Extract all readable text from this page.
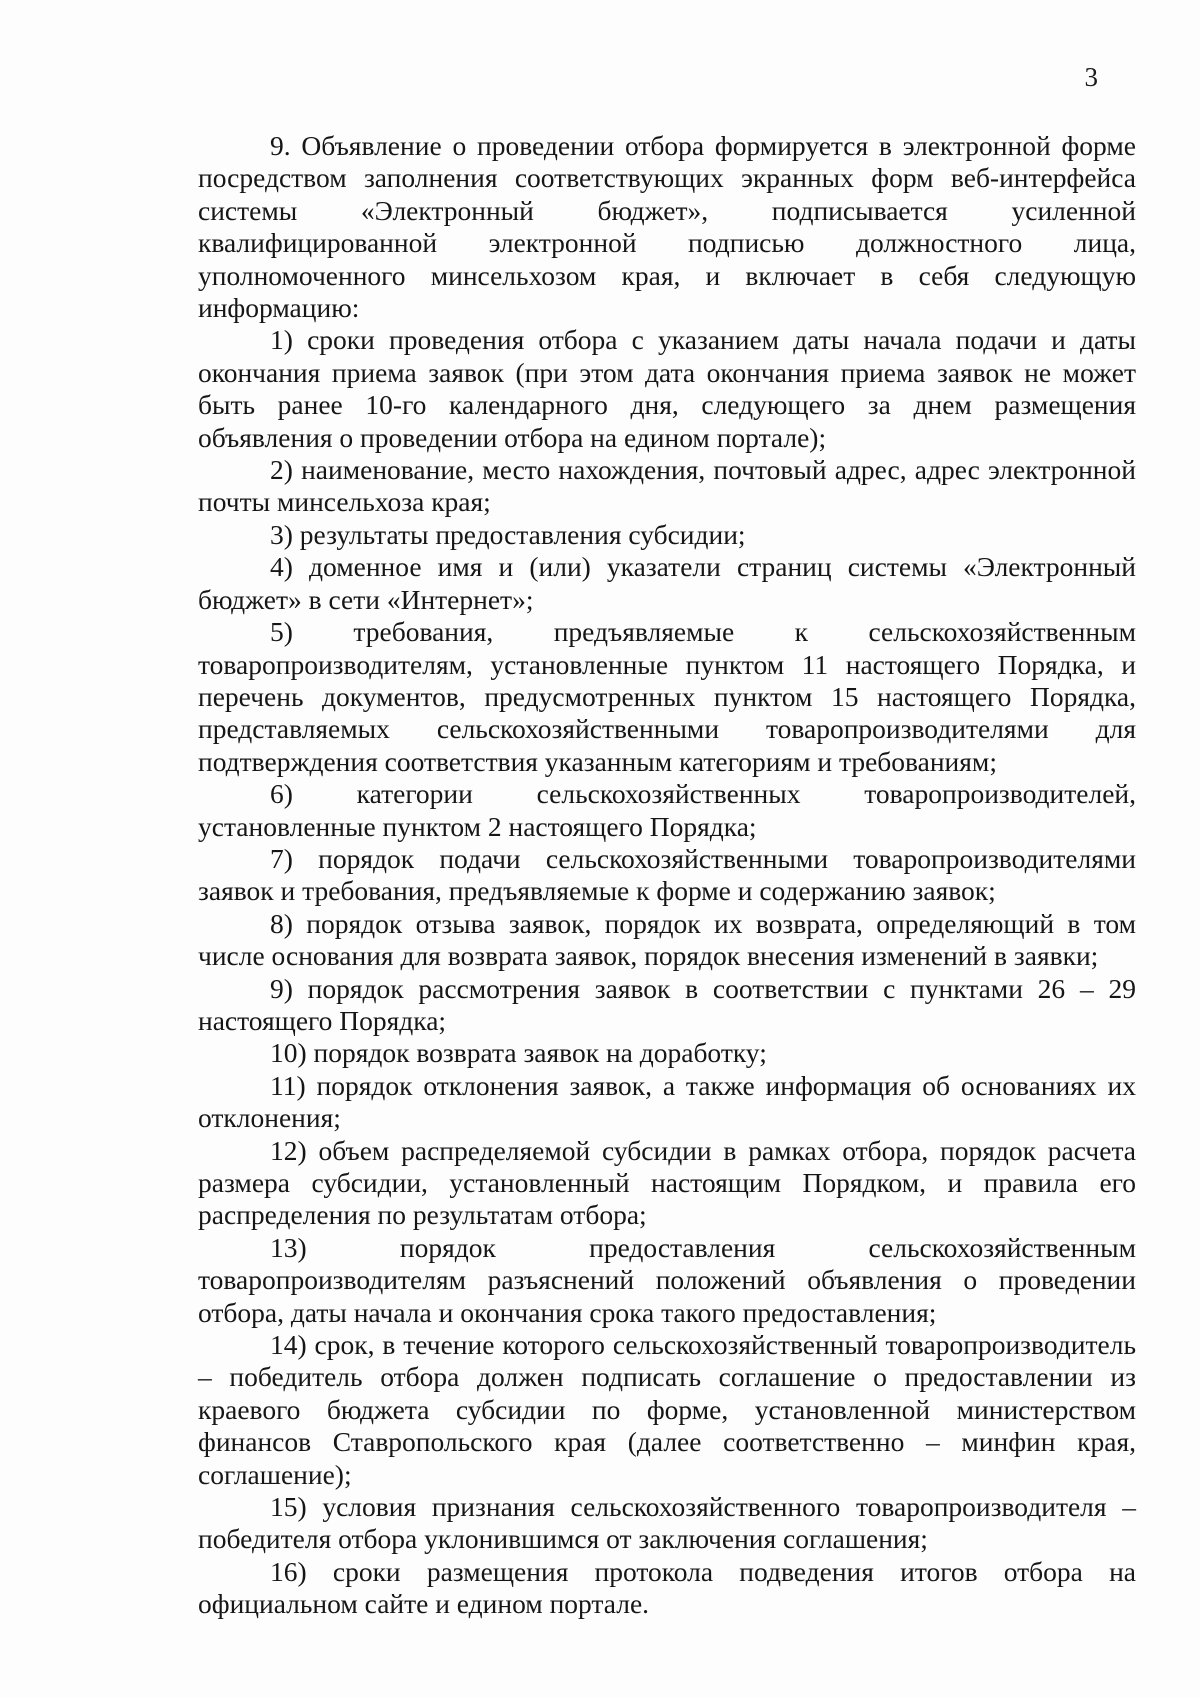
3

9. Объявление о проведении отбора формируется в электронной форме посредством заполнения соответствующих экранных форм веб-интерфейса системы «Электронный бюджет», подписывается усиленной квалифицированной электронной подписью должностного лица, уполномоченного минсельхозом края, и включает в себя следующую информацию:

1) сроки проведения отбора с указанием даты начала подачи и даты окончания приема заявок (при этом дата окончания приема заявок не может быть ранее 10-го календарного дня, следующего за днем размещения объявления о проведении отбора на едином портале);

2) наименование, место нахождения, почтовый адрес, адрес электронной почты минсельхоза края;

3) результаты предоставления субсидии;

4) доменное имя и (или) указатели страниц системы «Электронный бюджет» в сети «Интернет»;

5) требования, предъявляемые к сельскохозяйственным товаропроизводителям, установленные пунктом 11 настоящего Порядка, и перечень документов, предусмотренных пунктом 15 настоящего Порядка, представляемых сельскохозяйственными товаропроизводителями для подтверждения соответствия указанным категориям и требованиям;

6) категории сельскохозяйственных товаропроизводителей, установленные пунктом 2 настоящего Порядка;

7) порядок подачи сельскохозяйственными товаропроизводителями заявок и требования, предъявляемые к форме и содержанию заявок;

8) порядок отзыва заявок, порядок их возврата, определяющий в том числе основания для возврата заявок, порядок внесения изменений в заявки;

9) порядок рассмотрения заявок в соответствии с пунктами 26 – 29 настоящего Порядка;

10) порядок возврата заявок на доработку;

11) порядок отклонения заявок, а также информация об основаниях их отклонения;

12) объем распределяемой субсидии в рамках отбора, порядок расчета размера субсидии, установленный настоящим Порядком, и правила его распределения по результатам отбора;

13) порядок предоставления сельскохозяйственным товаропроизводителям разъяснений положений объявления о проведении отбора, даты начала и окончания срока такого предоставления;

14) срок, в течение которого сельскохозяйственный товаропроизводитель – победитель отбора должен подписать соглашение о предоставлении из краевого бюджета субсидии по форме, установленной министерством финансов Ставропольского края (далее соответственно – минфин края, соглашение);

15) условия признания сельскохозяйственного товаропроизводителя – победителя отбора уклонившимся от заключения соглашения;

16) сроки размещения протокола подведения итогов отбора на официальном сайте и едином портале.
